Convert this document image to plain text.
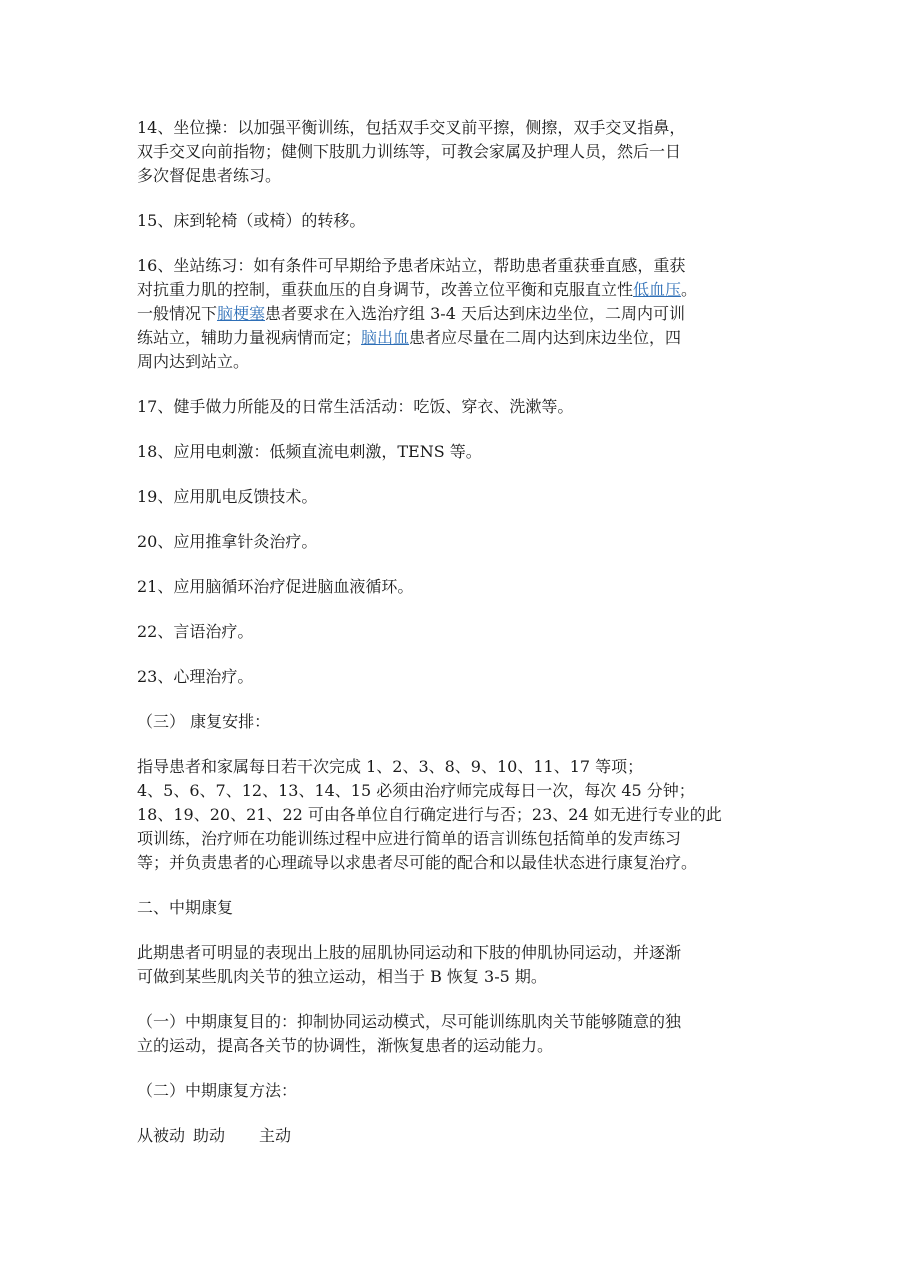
14、坐位操：以加强平衡训练，包括双手交叉前平擦，侧擦，双手交叉指鼻，
双手交叉向前指物；健侧下肢肌力训练等，可教会家属及护理人员，然后一日
多次督促患者练习。

15、床到轮椅（或椅）的转移。

16、坐站练习：如有条件可早期给予患者床站立，帮助患者重获垂直感，重获
对抗重力肌的控制，重获血压的自身调节，改善立位平衡和克服直立性低血压。
一般情况下脑梗塞患者要求在入选治疗组 3-4 天后达到床边坐位，二周内可训
练站立，辅助力量视病情而定；脑出血患者应尽量在二周内达到床边坐位，四
周内达到站立。

17、健手做力所能及的日常生活活动：吃饭、穿衣、洗漱等。

18、应用电刺激：低频直流电刺激，TENS 等。

19、应用肌电反馈技术。

20、应用推拿针灸治疗。

21、应用脑循环治疗促进脑血液循环。

22、言语治疗。

23、心理治疗。

（三） 康复安排：

指导患者和家属每日若干次完成 1、2、3、8、9、10、11、17 等项；
4、5、6、7、12、13、14、15 必须由治疗师完成每日一次，每次 45 分钟；
18、19、20、21、22 可由各单位自行确定进行与否；23、24 如无进行专业的此
项训练，治疗师在功能训练过程中应进行简单的语言训练包括简单的发声练习
等；并负责患者的心理疏导以求患者尽可能的配合和以最佳状态进行康复治疗。

二、中期康复

此期患者可明显的表现出上肢的屈肌协同运动和下肢的伸肌协同运动，并逐渐
可做到某些肌肉关节的独立运动，相当于 B 恢复 3-5 期。

（一）中期康复目的：抑制协同运动模式，尽可能训练肌肉关节能够随意的独
立的运动，提高各关节的协调性，渐恢复患者的运动能力。

（二）中期康复方法：

从被动 助动 主动
